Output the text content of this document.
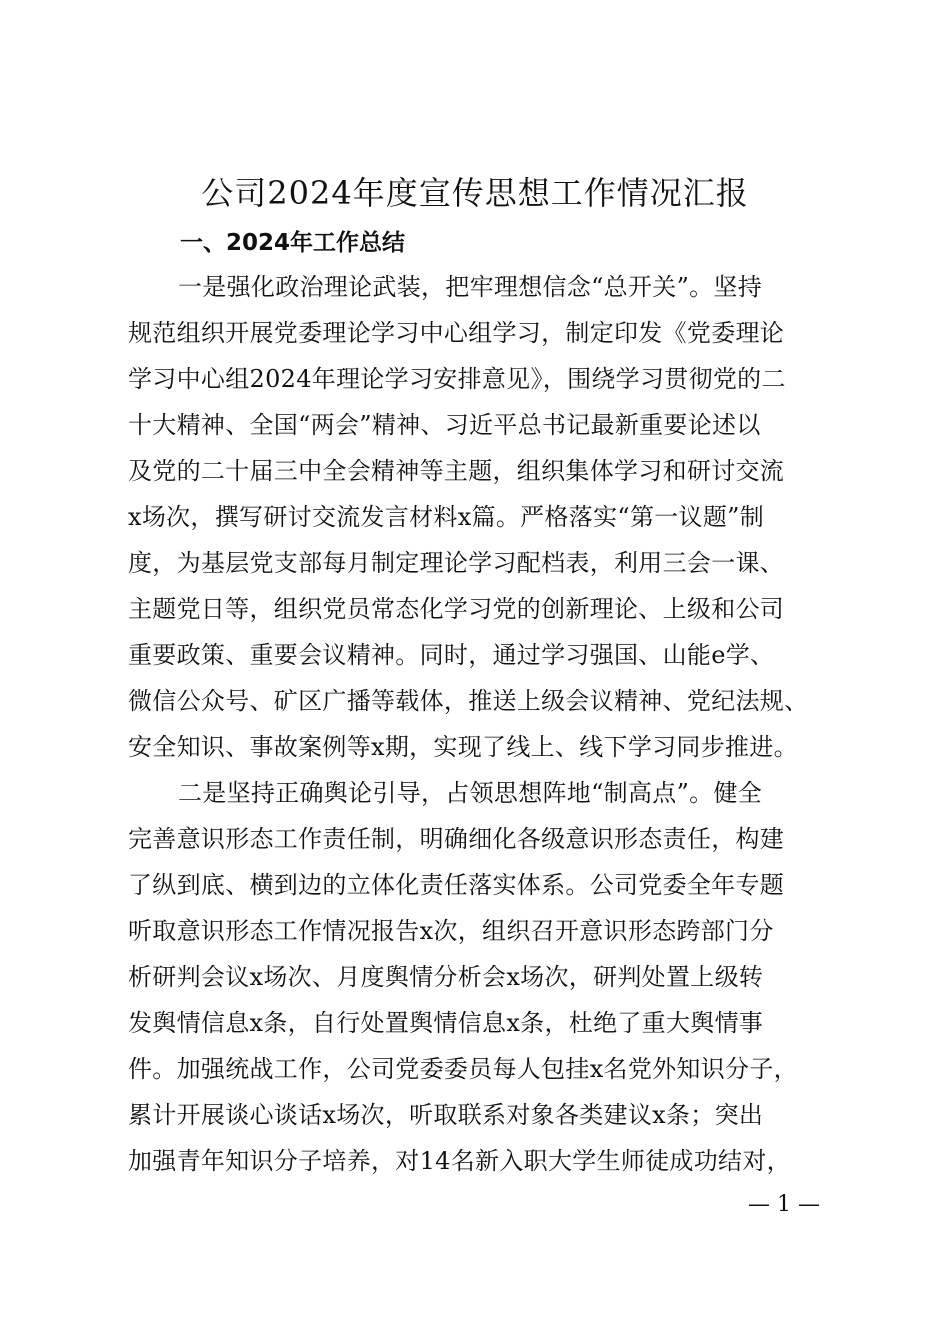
公司2024年度宣传思想工作情况汇报
一、2024年工作总结
一是强化政治理论武装，把牢理想信念“总开关”。坚持
规范组织开展党委理论学习中心组学习，制定印发《党委理论
学习中心组2024年理论学习安排意见》，围绕学习贯彻党的二
十大精神、全国“两会”精神、习近平总书记最新重要论述以
及党的二十届三中全会精神等主题，组织集体学习和研讨交流
x场次，撰写研讨交流发言材料x篇。严格落实“第一议题”制
度，为基层党支部每月制定理论学习配档表，利用三会一课、
主题党日等，组织党员常态化学习党的创新理论、上级和公司
重要政策、重要会议精神。同时，通过学习强国、山能e学、
微信公众号、矿区广播等载体，推送上级会议精神、党纪法规、
安全知识、事故案例等x期，实现了线上、线下学习同步推进。
二是坚持正确舆论引导，占领思想阵地“制高点”。健全
完善意识形态工作责任制，明确细化各级意识形态责任，构建
了纵到底、横到边的立体化责任落实体系。公司党委全年专题
听取意识形态工作情况报告x次，组织召开意识形态跨部门分
析研判会议x场次、月度舆情分析会x场次，研判处置上级转
发舆情信息x条，自行处置舆情信息x条，杜绝了重大舆情事
件。加强统战工作，公司党委委员每人包挂x名党外知识分子，
累计开展谈心谈话x场次，听取联系对象各类建议x条；突出
加强青年知识分子培养，对14名新入职大学生师徒成功结对，
— 1 —
